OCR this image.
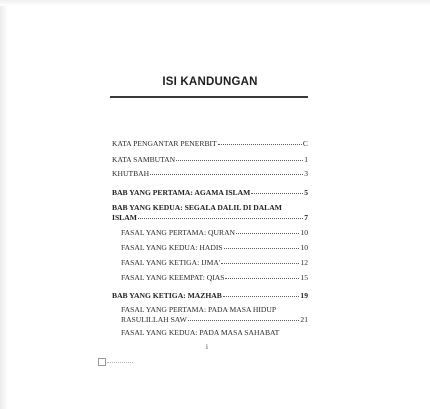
ISI KANDUNGAN
KATA PENGANTAR PENERBIT	C
KATA SAMBUTAN	1
KHUTBAH	3
BAB YANG PERTAMA: AGAMA ISLAM	5
BAB YANG KEDUA: SEGALA DALIL DI DALAM
ISLAM	7
FASAL YANG PERTAMA: QURAN	10
FASAL YANG KEDUA: HADIS	10
FASAL YANG KETIGA: IJMA'	12
FASAL YANG KEEMPAT: QIAS	15
BAB YANG KETIGA: MAZHAB	19
FASAL YANG PERTAMA: PADA MASA HIDUP
RASULILLAH SAW	21
FASAL YANG KEDUA: PADA MASA SAHABAT
i
